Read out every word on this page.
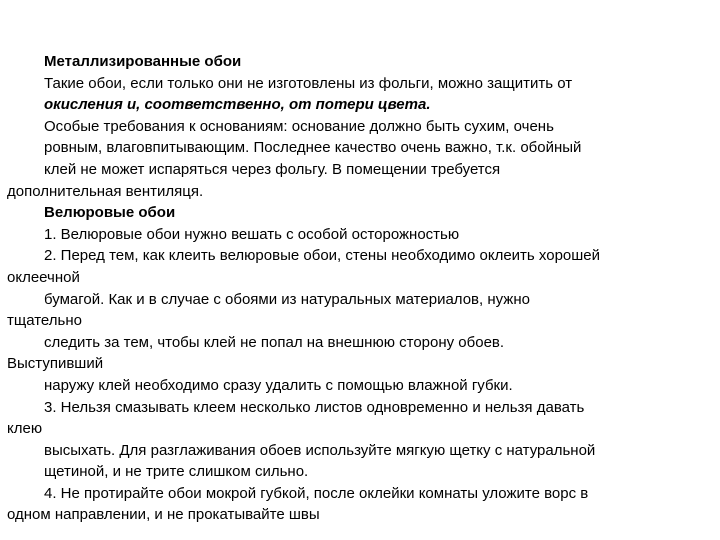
Металлизированные обои
Такие обои, если только они не изготовлены из фольги, можно защитить от
окисления и, соответственно, от потери цвета.
Особые требования к основаниям: основание должно быть сухим, очень
ровным, влаговпитывающим. Последнее качество очень важно, т.к. обойный
клей не может испаряться через фольгу. В помещении требуется
дополнительная вентиляця.
Велюровые обои
1. Велюровые обои нужно вешать с особой осторожностью
2. Перед тем, как клеить велюровые обои, стены необходимо оклеить хорошей
оклеечной
бумагой. Как и в случае с обоями из натуральных материалов, нужно
тщательно
следить за тем, чтобы клей не попал на внешнюю сторону обоев.
Выступивший
наружу клей необходимо сразу удалить с помощью влажной губки.
3. Нельзя смазывать клеем несколько листов одновременно и нельзя давать
клею
высыхать. Для разглаживания обоев используйте мягкую щетку с натуральной
щетиной, и не трите слишком сильно.
4. Не протирайте обои мокрой губкой, после оклейки комнаты уложите ворс в
одном направлении, и не прокатывайте швы
